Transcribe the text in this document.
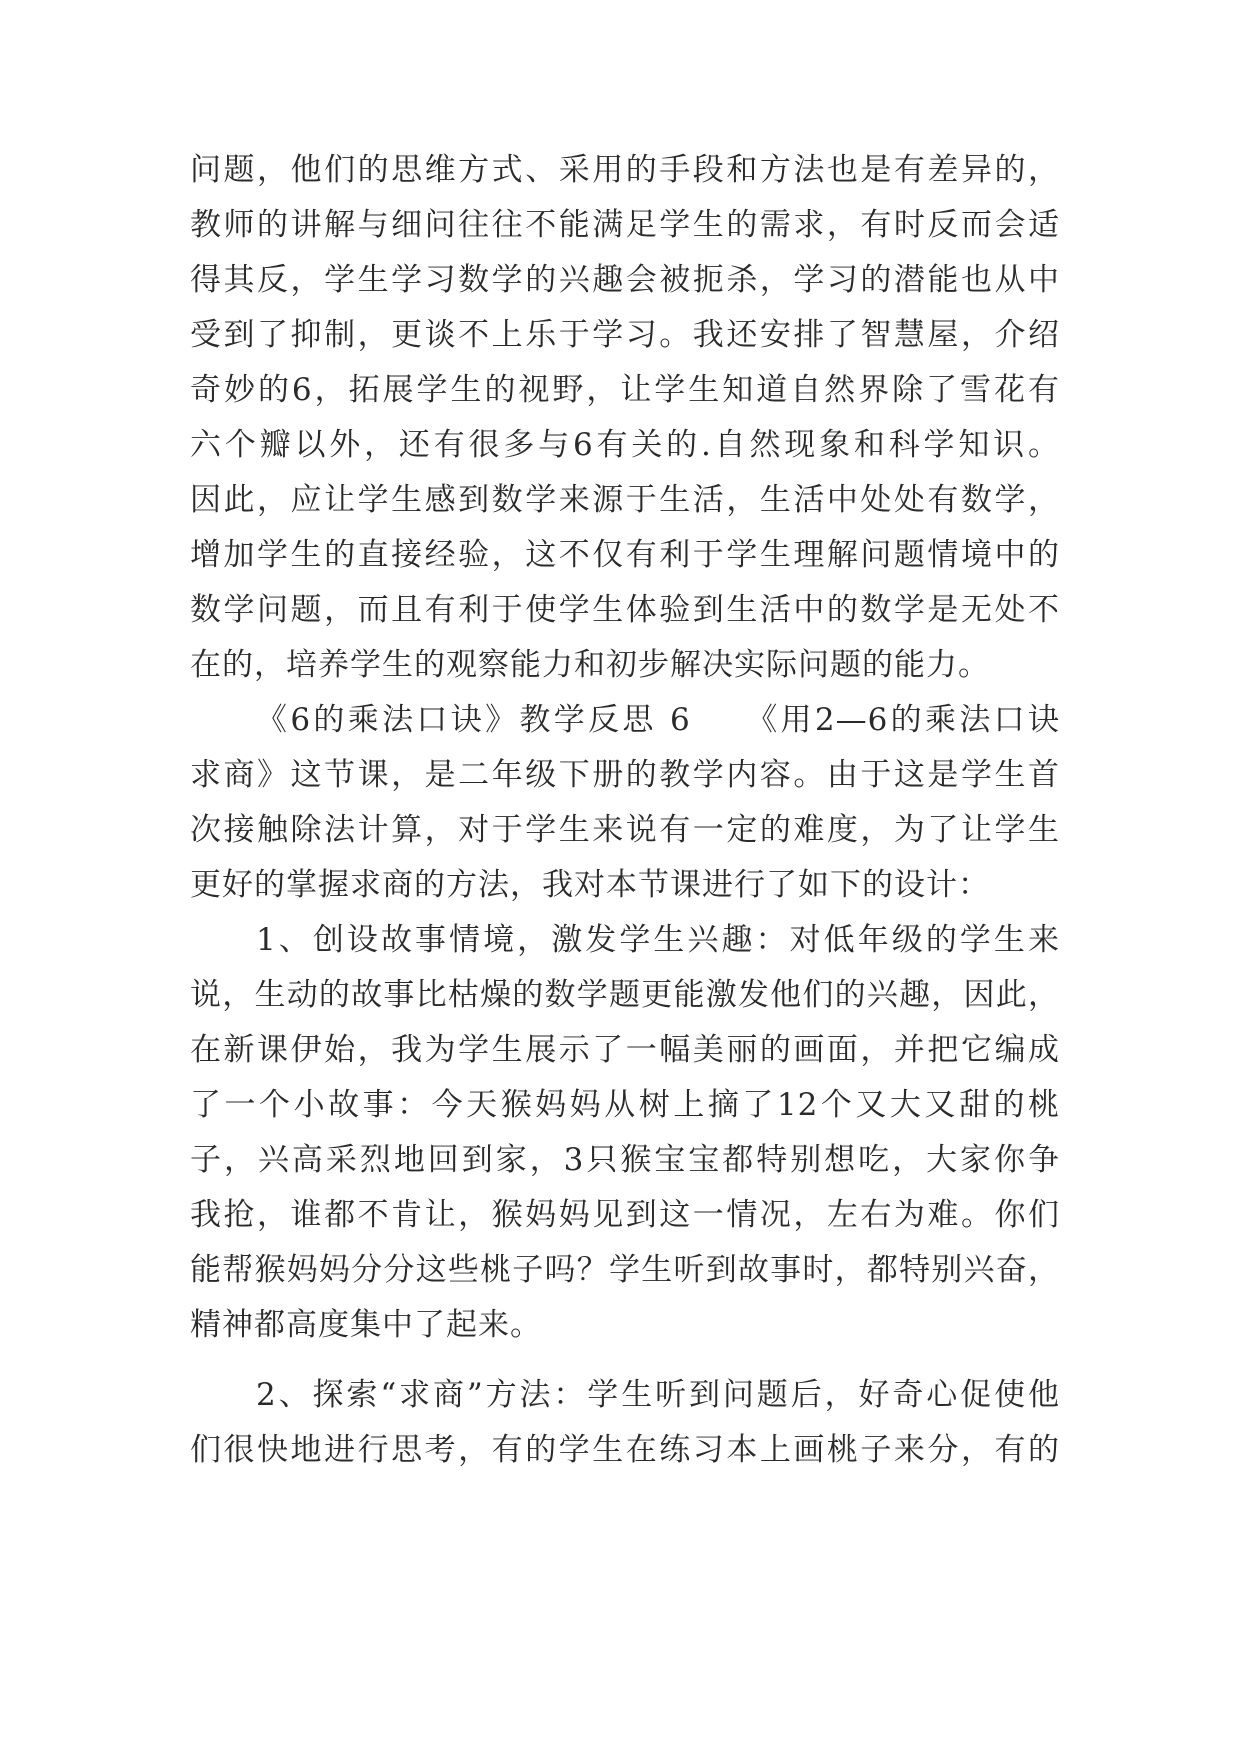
问题，他们的思维方式、采用的手段和方法也是有差异的，
教师的讲解与细问往往不能满足学生的需求，有时反而会适
得其反，学生学习数学的兴趣会被扼杀，学习的潜能也从中
受到了抑制，更谈不上乐于学习。我还安排了智慧屋，介绍
奇妙的6，拓展学生的视野，让学生知道自然界除了雪花有
六个瓣以外，还有很多与6有关的.自然现象和科学知识。
因此，应让学生感到数学来源于生活，生活中处处有数学，
增加学生的直接经验，这不仅有利于学生理解问题情境中的
数学问题，而且有利于使学生体验到生活中的数学是无处不
在的，培养学生的观察能力和初步解决实际问题的能力。
《6的乘法口诀》教学反思 6　　《用2—6的乘法口诀
求商》这节课，是二年级下册的教学内容。由于这是学生首
次接触除法计算，对于学生来说有一定的难度，为了让学生
更好的掌握求商的方法，我对本节课进行了如下的设计：
1、创设故事情境，激发学生兴趣：对低年级的学生来
说，生动的故事比枯燥的数学题更能激发他们的兴趣，因此，
在新课伊始，我为学生展示了一幅美丽的画面，并把它编成
了一个小故事：今天猴妈妈从树上摘了12个又大又甜的桃
子，兴高采烈地回到家，3只猴宝宝都特别想吃，大家你争
我抢，谁都不肯让，猴妈妈见到这一情况，左右为难。你们
能帮猴妈妈分分这些桃子吗？学生听到故事时，都特别兴奋，
精神都高度集中了起来。
2、探索“求商”方法：学生听到问题后，好奇心促使他
们很快地进行思考，有的学生在练习本上画桃子来分，有的
